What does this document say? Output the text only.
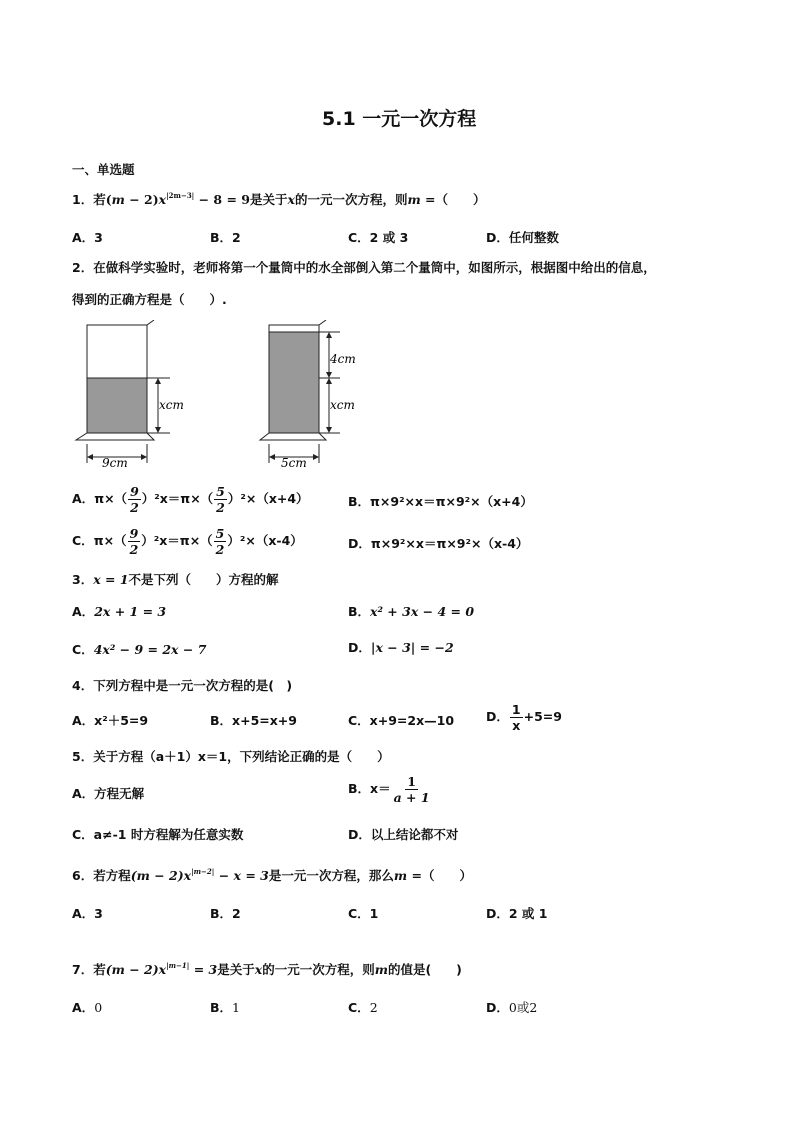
5.1 一元一次方程
一、单选题
1．若$(m - 2)x^{|2m-3|} - 8 = 9$是关于x的一元一次方程，则m =（　　）
A．3	B．2	C．2 或 3	D．任何整数
2．在做科学实验时，老师将第一个量筒中的水全部倒入第二个量筒中，如图所示，根据图中给出的信息，
得到的正确方程是（　　）.
xcm
9cm
4cm
xcm
5cm
A．$\pi\times( \frac{9}{2} )^2x=\pi\times( \frac{5}{2} )^2\times(x+4)$	B．π×9²×x＝π×9²×（x+4）
C．$\pi\times( \frac{9}{2} )^2x=\pi\times( \frac{5}{2} )^2\times(x-4)$	D．π×9²×x＝π×9²×（x-4）
3．x = 1不是下列（　　）方程的解
A．2x + 1 = 3	B．x² + 3x − 4 = 0
C．4x² − 9 = 2x − 7	D．|x − 3| = −2
4．下列方程中是一元一次方程的是(　)
A．x²＋5=9	B．x+5=x+9	C．x+9=2x—10	D． $\frac{1}{x} +5=9$
5．关于方程（a＋1）x＝1，下列结论正确的是（　　）
A．方程无解	B．$x= \frac{1}{a + 1}$
C．a≠-1 时方程解为任意实数	D．以上结论都不对
6．若方程$(m - 2)x^{|m-2|} - x = 3$是一元一次方程，那么m =（　　）
A．3	B．2	C．1	D．2 或 1
7．若$(m - 2)x^{|m-1|} = 3$是关于x的一元一次方程，则m的值是(　　)
A．0	B．1	C．2	D．0或2
